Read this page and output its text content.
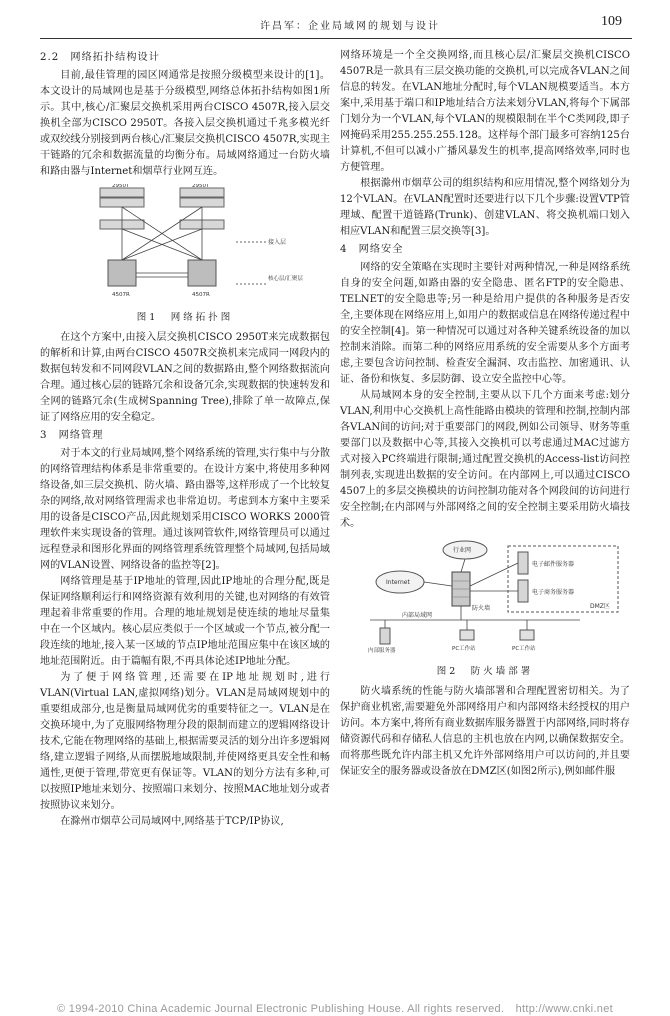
许昌军：企业局域网的规划与设计	109
2.2　网络拓扑结构设计

目前,最佳管理的园区网通常是按照分级模型来设计的[1]。本文设计的局域网也是基于分级模型,网络总体拓扑结构如图1所示。其中,核心/汇聚层交换机采用两台CISCO 4507R,接入层交换机全部为CISCO 2950T。各接入层交换机通过千兆多模光纤或双绞线分别接到两台核心/汇聚层交换机CISCO 4507R,实现主干链路的冗余和数据流量的均衡分布。局域网络通过一台防火墙和路由器与Internet和烟草行业网互连。

2950T	2950T
接入层
核心层/汇聚层
4507R	4507R
图1　网络拓扑图

在这个方案中,由接入层交换机CISCO 2950T来完成数据包的解析和计算,由两台CISCO 4507R交换机来完成同一网段内的数据包转发和不同网段VLAN之间的数据路由,整个网络数据流向合理。通过核心层的链路冗余和设备冗余,实现数据的快速转发和全网的链路冗余(生成树Spanning Tree),排除了单一故障点,保证了网络应用的安全稳定。

3　网络管理

对于本文的行业局域网,整个网络系统的管理,实行集中与分散的网络管理结构体系是非常重要的。在设计方案中,将使用多种网络设备,如三层交换机、防火墙、路由器等,这样形成了一个比较复杂的网络,故对网络管理需求也非常迫切。考虑到本方案中主要采用的设备是CISCO产品,因此规划采用CISCO WORKS 2000管理软件来实现设备的管理。通过该网管软件,网络管理员可以通过远程登录和图形化界面的网络管理系统管理整个局域网,包括局域网的VLAN设置、网络设备的监控等[2]。

网络管理是基于IP地址的管理,因此IP地址的合理分配,既是保证网络顺利运行和网络资源有效利用的关键,也对网络的有效管理起着非常重要的作用。合理的地址规划是使连续的地址尽量集中在一个区域内。核心层应类似于一个区域或一个节点,被分配一段连续的地址,接入某一区域的节点IP地址范围应集中在该区域的地址范围附近。由于篇幅有限,不再具体论述IP地址分配。

为了便于网络管理,还需要在IP地址规划时,进行VLAN(Virtual LAN,虚拟网络)划分。VLAN是局域网规划中的重要组成部分,也是衡量局域网优劣的重要特征之一。VLAN是在交换环境中,为了克服网络物理分段的限制而建立的逻辑网络设计技术,它能在物理网络的基础上,根据需要灵活的划分出许多逻辑网络,建立逻辑子网络,从而摆脱地域限制,并使网络更具安全性和畅通性,更便于管理,带宽更有保证等。VLAN的划分方法有多种,可以按照IP地址来划分、按照端口来划分、按照MAC地址划分或者按照协议来划分。

在滁州市烟草公司局域网中,网络基于TCP/IP协议,

网络环境是一个全交换网络,而且核心层/汇聚层交换机CISCO 4507R是一款具有三层交换功能的交换机,可以完成各VLAN之间信息的转发。在VLAN地址分配时,每个VLAN规模要适当。本方案中,采用基于端口和IP地址结合方法来划分VLAN,将每个下属部门划分为一个VLAN,每个VLAN的规模限制在半个C类网段,即子网掩码采用255.255.255.128。这样每个部门最多可容纳125台计算机,不但可以减小广播风暴发生的机率,提高网络效率,同时也方便管理。

根据滁州市烟草公司的组织结构和应用情况,整个网络划分为12个VLAN。在VLAN配置时还要进行以下几个步骤:设置VTP管理域、配置干道链路(Trunk)、创建VLAN、将交换机端口划入相应VLAN和配置三层交换等[3]。

4　网络安全

网络的安全策略在实现时主要针对两种情况,一种是网络系统自身的安全问题,如路由器的安全隐患、匿名FTP的安全隐患、TELNET的安全隐患等;另一种是给用户提供的各种服务是否安全,主要体现在网络应用上,如用户的数据或信息在网络传递过程中的安全控制[4]。第一种情况可以通过对各种关键系统设备的加以控制来消除。而第二种的网络应用系统的安全需要从多个方面考虑,主要包含访问控制、检查安全漏洞、攻击监控、加密通讯、认证、备份和恢复、多层防御、设立安全监控中心等。

从局域网本身的安全控制,主要从以下几个方面来考虑:划分VLAN,利用中心交换机上高性能路由模块的管理和控制,控制内部各VLAN间的访问;对于重要部门的网段,例如公司领导、财务等重要部门以及数据中心等,其接入交换机可以考虑通过MAC过滤方式对接入PC终端进行限制;通过配置交换机的Access-list访问控制列表,实现进出数据的安全访问。在内部网上,可以通过CISCO 4507上的多层交换模块的访问控制功能对各个网段间的访问进行安全控制;在内部网与外部网络之间的安全控制主要采用防火墙技术。

行业网
Internet
防火墙
电子邮件服务器
电子商务服务器
DMZ区
内部局域网
内部服务器	PC工作站	PC工作站
图2　防火墙部署

防火墙系统的性能与防火墙部署和合理配置密切相关。为了保护商业机密,需要避免外部网络用户和内部网络未经授权的用户访问。本方案中,将所有商业数据库服务器置于内部网络,同时将存储资源代码和存储私人信息的主机也放在内网,以确保数据安全。而将那些既允许内部主机又允许外部网络用户可以访问的,并且要保证安全的服务器或设备放在DMZ区(如图2所示),例如邮件服

© 1994-2010 China Academic Journal Electronic Publishing House. All rights reserved.　http://www.cnki.net
